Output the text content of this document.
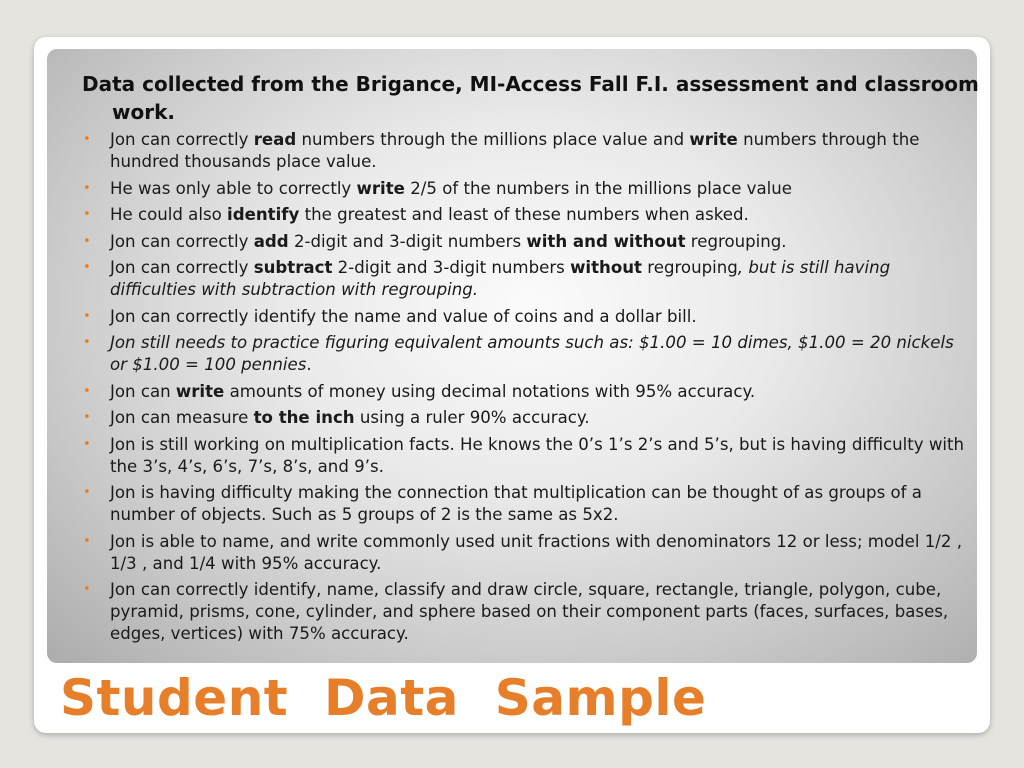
Data collected from the Brigance, MI-Access Fall F.I. assessment and classroom work.
• Jon can correctly read numbers through the millions place value and write numbers through the hundred thousands place value.
• He was only able to correctly write 2/5 of the numbers in the millions place value
• He could also identify the greatest and least of these numbers when asked.
• Jon can correctly add 2-digit and 3-digit numbers with and without regrouping.
• Jon can correctly subtract 2-digit and 3-digit numbers without regrouping, but is still having difficulties with subtraction with regrouping.
• Jon can correctly identify the name and value of coins and a dollar bill.
• Jon still needs to practice figuring equivalent amounts such as: $1.00 = 10 dimes, $1.00 = 20 nickels or $1.00 = 100 pennies.
• Jon can write amounts of money using decimal notations with 95% accuracy.
• Jon can measure to the inch using a ruler 90% accuracy.
• Jon is still working on multiplication facts. He knows the 0’s 1’s 2’s and 5’s, but is having difficulty with the 3’s, 4’s, 6’s, 7’s, 8’s, and 9’s.
• Jon is having difficulty making the connection that multiplication can be thought of as groups of a number of objects. Such as 5 groups of 2 is the same as 5x2.
• Jon is able to name, and write commonly used unit fractions with denominators 12 or less; model 1/2 , 1/3 , and 1/4 with 95% accuracy.
• Jon can correctly identify, name, classify and draw circle, square, rectangle, triangle, polygon, cube, pyramid, prisms, cone, cylinder, and sphere based on their component parts (faces, surfaces, bases, edges, vertices) with 75% accuracy.
Student  Data  Sample
